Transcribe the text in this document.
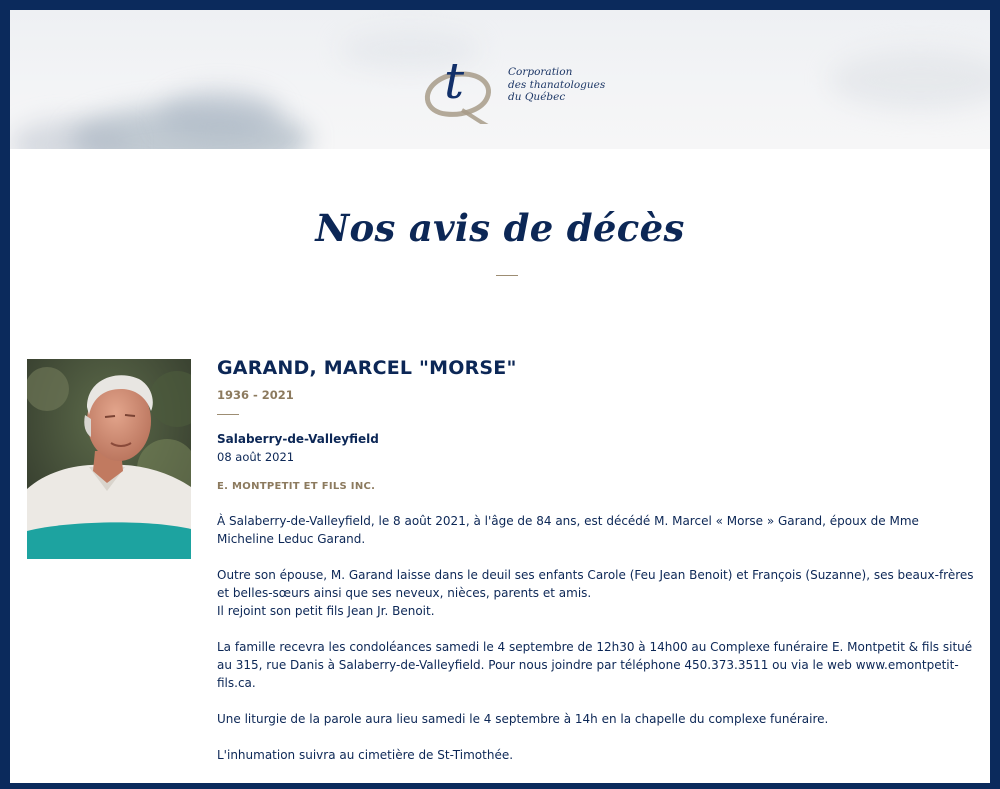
t	Corporation
des thanatologues
du Québec
Nos avis de décès
GARAND, MARCEL "MORSE"
1936 - 2021
Salaberry-de-Valleyfield
08 août 2021
E. MONTPETIT ET FILS INC.

À Salaberry-de-Valleyfield, le 8 août 2021, à l'âge de 84 ans, est décédé M. Marcel « Morse » Garand, époux de Mme Micheline Leduc Garand.

Outre son épouse, M. Garand laisse dans le deuil ses enfants Carole (Feu Jean Benoit) et François (Suzanne), ses beaux-frères et belles-sœurs ainsi que ses neveux, nièces, parents et amis.
Il rejoint son petit fils Jean Jr. Benoit.

La famille recevra les condoléances samedi le 4 septembre de 12h30 à 14h00 au Complexe funéraire E. Montpetit & fils situé au 315, rue Danis à Salaberry-de-Valleyfield. Pour nous joindre par téléphone 450.373.3511 ou via le web www.emontpetit-fils.ca.

Une liturgie de la parole aura lieu samedi le 4 septembre à 14h en la chapelle du complexe funéraire.

L'inhumation suivra au cimetière de St-Timothée.
